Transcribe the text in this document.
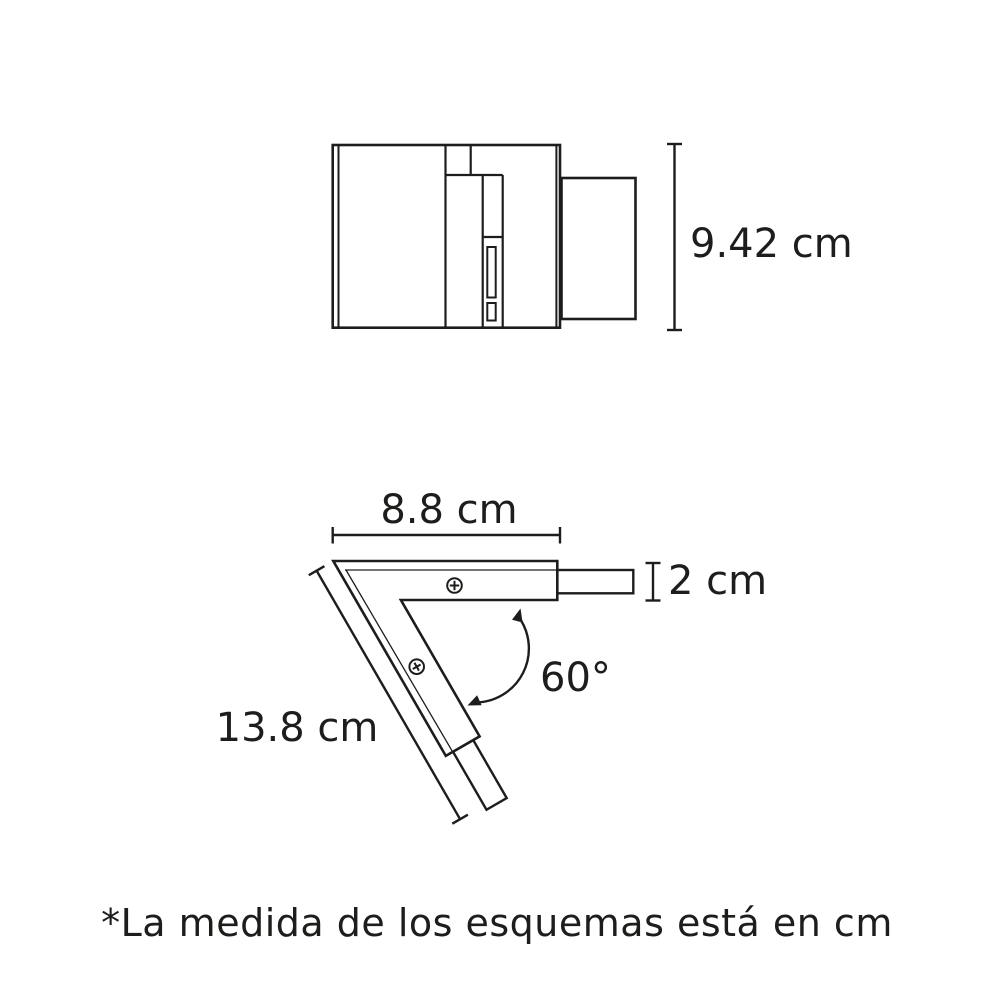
9.42 cm
8.8 cm
13.8 cm
60°
2 cm
*La medida de los esquemas está en cm
